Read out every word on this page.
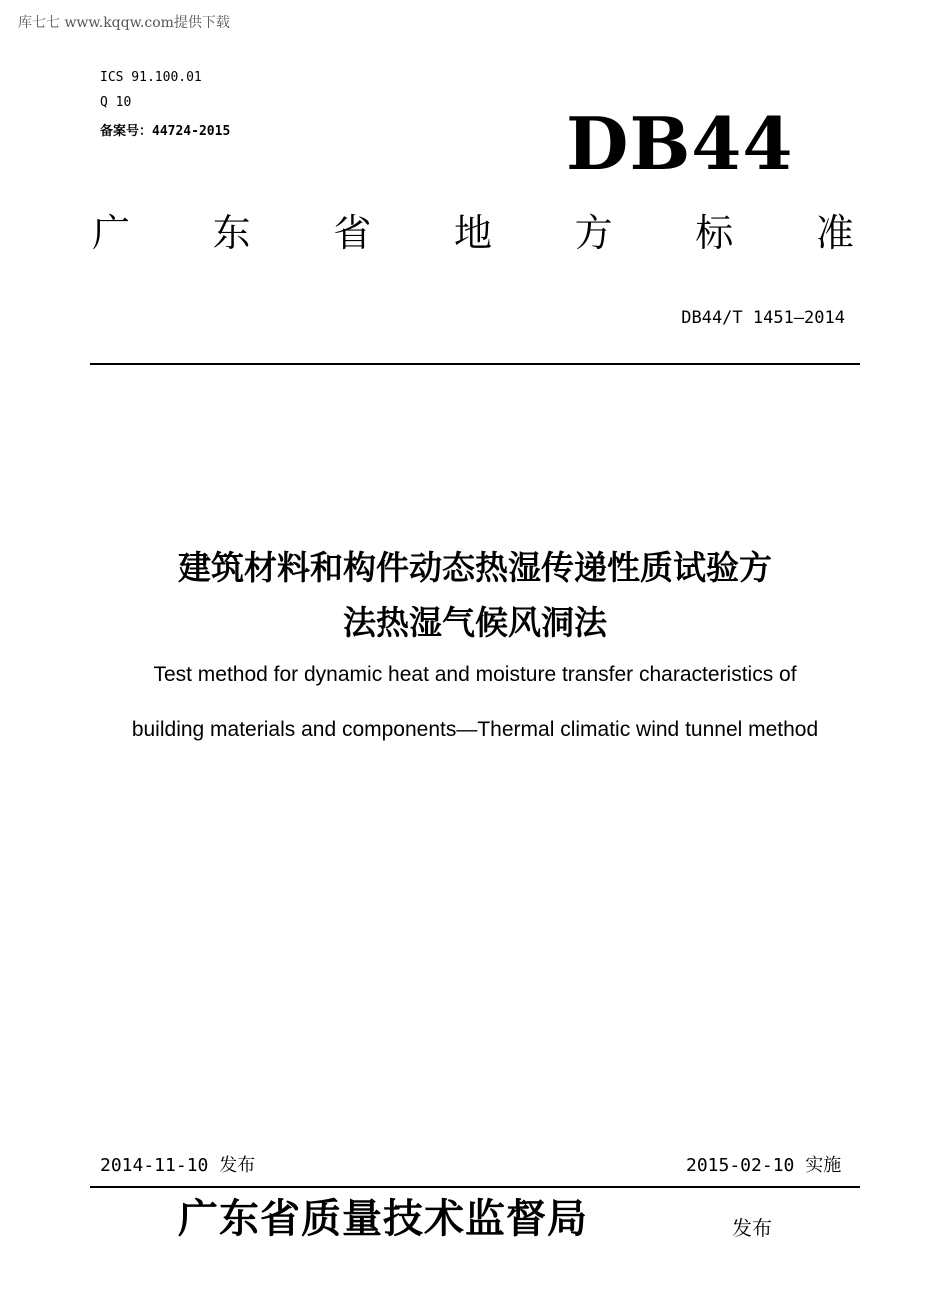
库七七 www.kqqw.com提供下载
ICS 91.100.01
Q 10
备案号：44724-2015	DB44
广 东 省 地 方 标 准
DB44/T 1451—2014
建筑材料和构件动态热湿传递性质试验方
法热湿气候风洞法
Test method for dynamic heat and moisture transfer characteristics of
building materials and components—Thermal climatic wind tunnel method
2014-11-10 发布	2015-02-10 实施
广东省质量技术监督局	发布
